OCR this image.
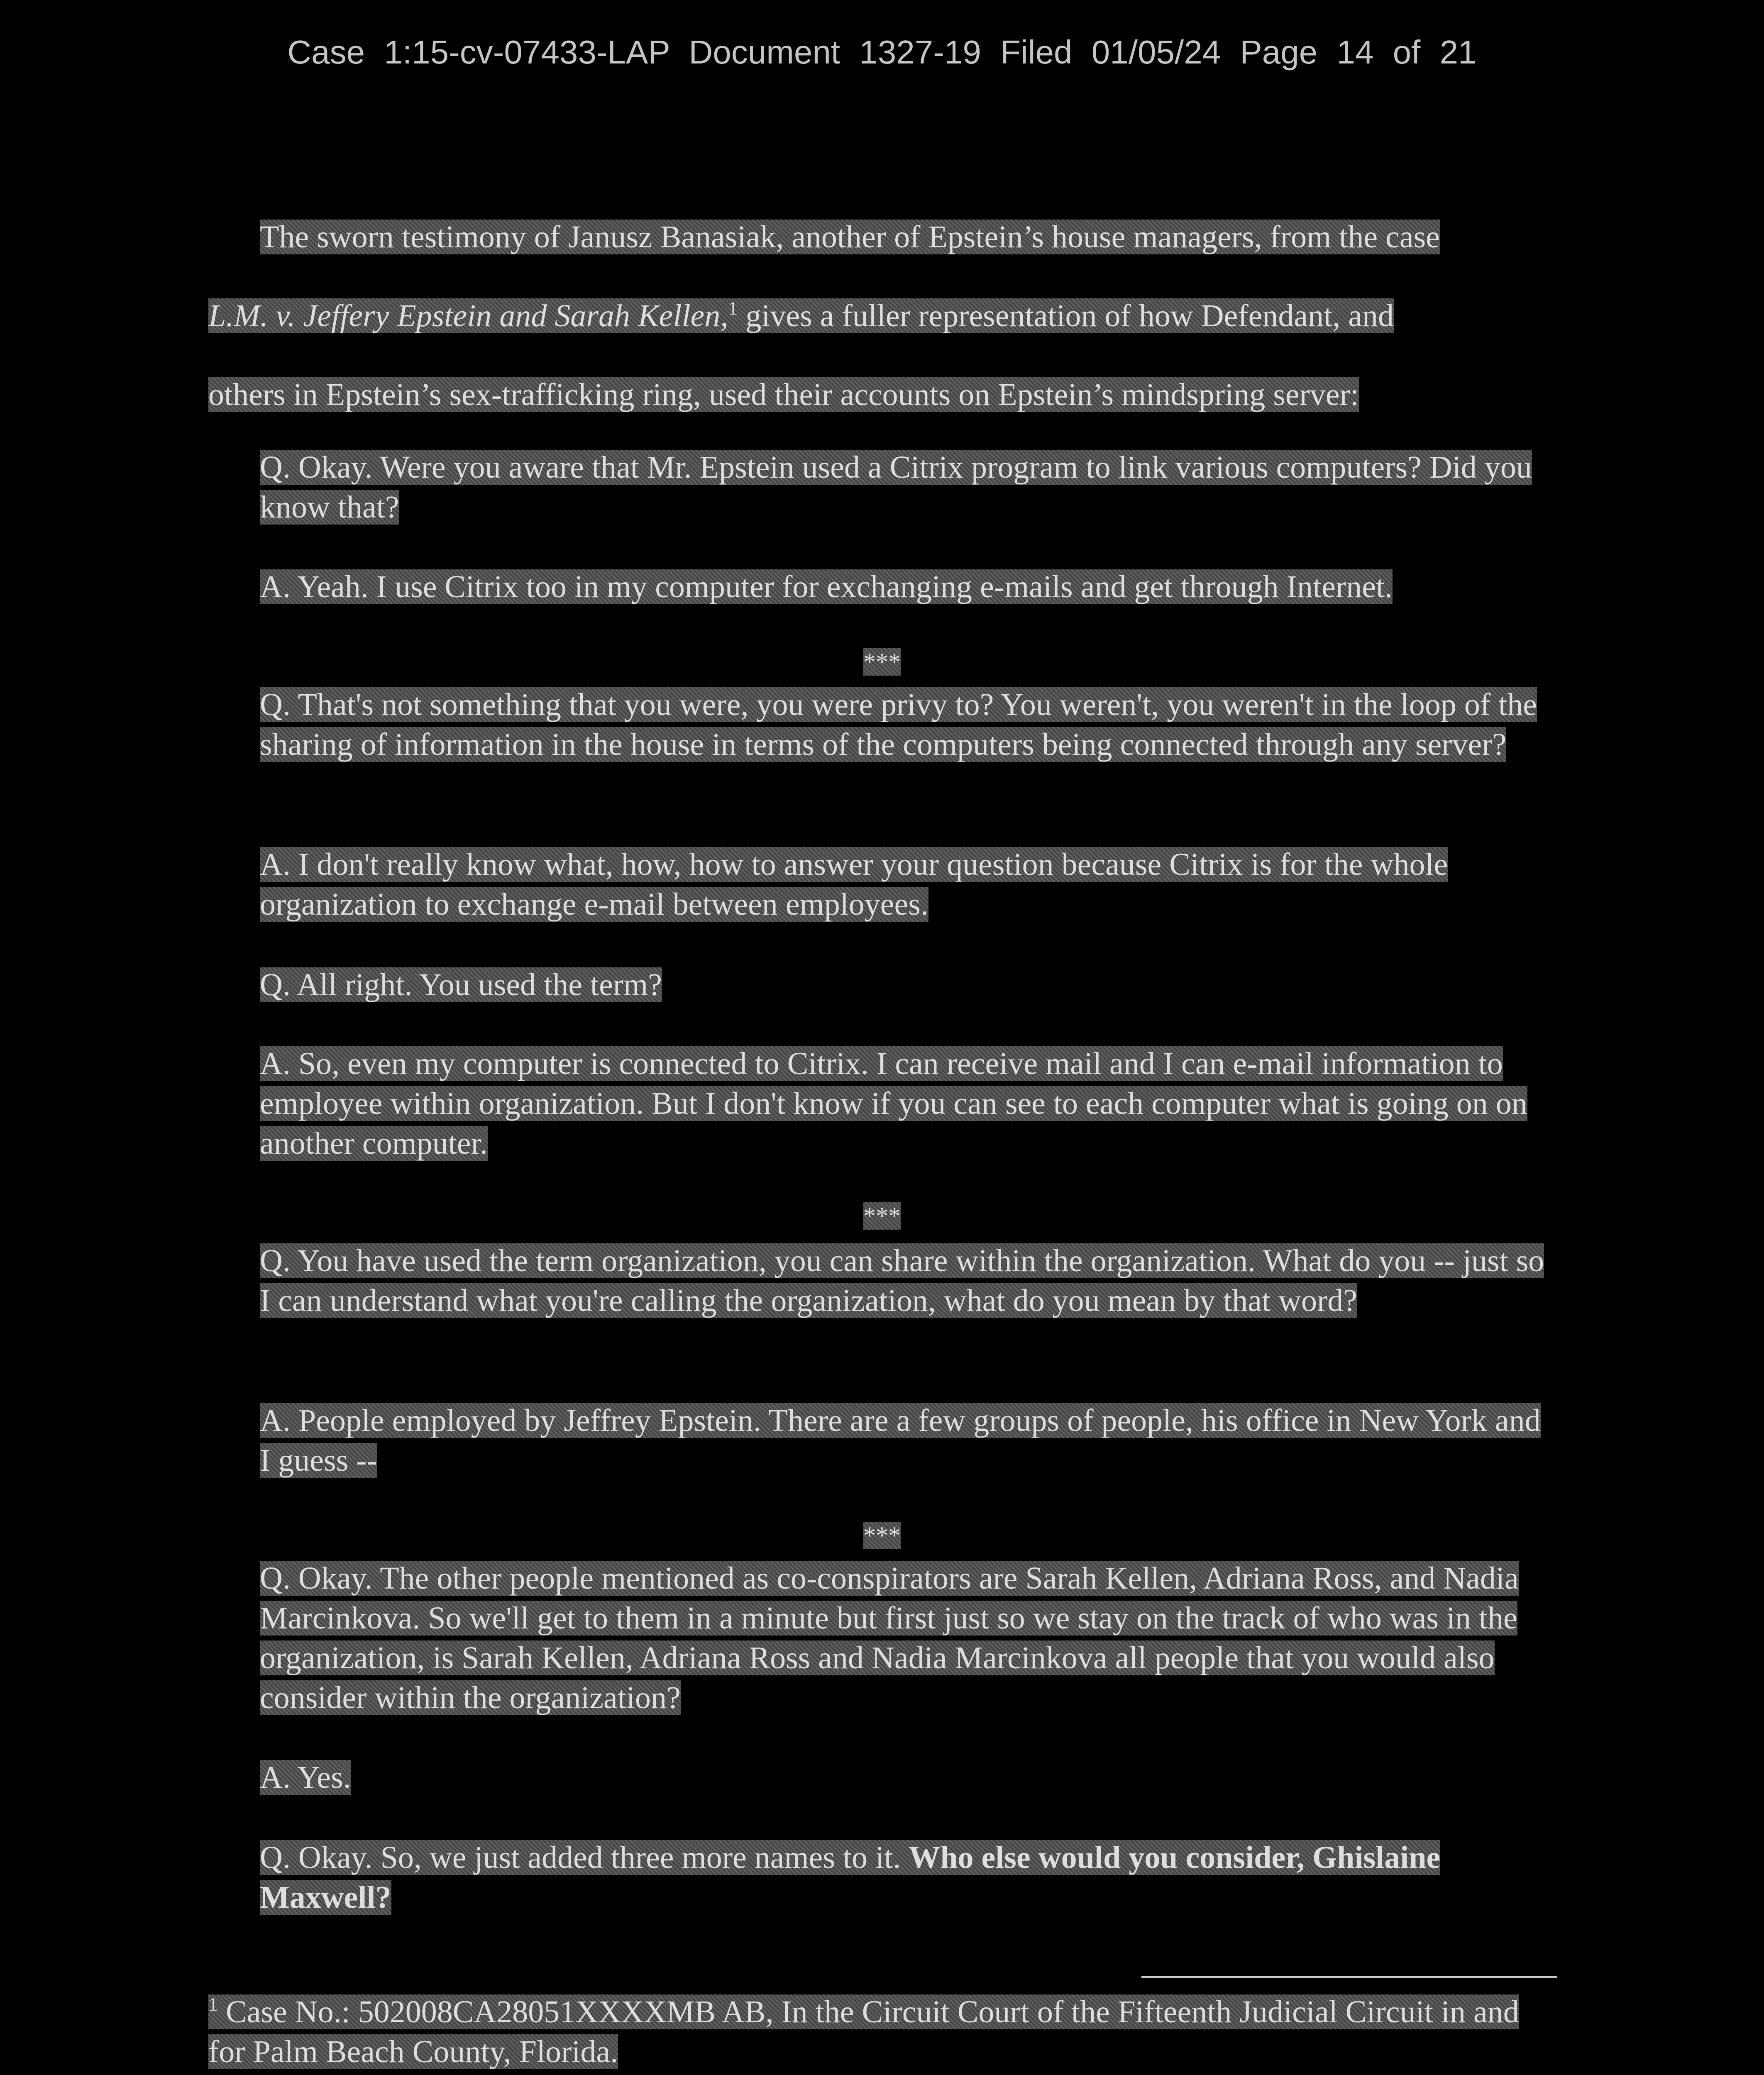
Case 1:15-cv-07433-LAP Document 1327-19 Filed 01/05/24 Page 14 of 21
The sworn testimony of Janusz Banasiak, another of Epstein’s house managers, from the case
L.M. v. Jeffery Epstein and Sarah Kellen,$^1$ gives a fuller representation of how Defendant, and
others in Epstein’s sex-trafficking ring, used their accounts on Epstein’s mindspring server:

Q. Okay. Were you aware that Mr. Epstein used a Citrix program to link various computers? Did you know that?

A. Yeah. I use Citrix too in my computer for exchanging e-mails and get through Internet.

***

Q. That's not something that you were, you were privy to? You weren't, you weren't in the loop of the sharing of information in the house in terms of the computers being connected through any server?

A. I don't really know what, how, how to answer your question because Citrix is for the whole organization to exchange e-mail between employees.

Q. All right. You used the term?

A. So, even my computer is connected to Citrix. I can receive mail and I can e-mail information to employee within organization. But I don't know if you can see to each computer what is going on on another computer.

***

Q. You have used the term organization, you can share within the organization. What do you -- just so I can understand what you're calling the organization, what do you mean by that word?

A. People employed by Jeffrey Epstein. There are a few groups of people, his office in New York and I guess --

***

Q. Okay. The other people mentioned as co-conspirators are Sarah Kellen, Adriana Ross, and Nadia Marcinkova. So we'll get to them in a minute but first just so we stay on the track of who was in the organization, is Sarah Kellen, Adriana Ross and Nadia Marcinkova all people that you would also consider within the organization?

A. Yes.

Q. Okay. So, we just added three more names to it. Who else would you consider, Ghislaine Maxwell?

$^1$ Case No.: 502008CA28051XXXXMB AB, In the Circuit Court of the Fifteenth Judicial Circuit in and for Palm Beach County, Florida.
